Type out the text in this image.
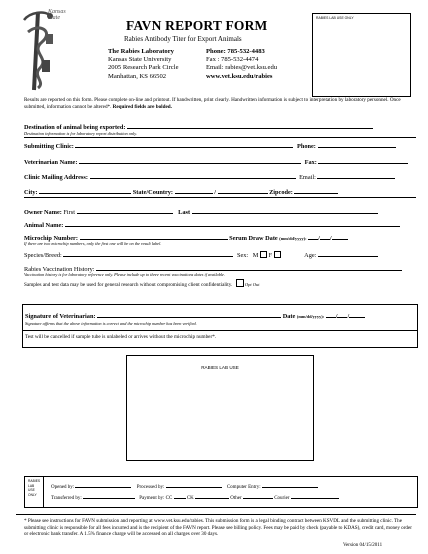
Kansas State	FAVN REPORT FORM
Rabies Antibody Titer for Export Animals
RABIES LAB USE ONLY
The Rabies Laboratory
Kansas State University
2005 Research Park Circle
Manhattan, KS 66502
Phone: 785-532-4483
Fax : 785-532-4474
Email: rabies@vet.ksu.edu
www.vet.ksu.edu/rabies
Results are reported on this form. Please complete on-line and printout. If handwritten, print clearly. Handwritten information is subject to interpretation by laboratory personnel. Once submitted, information cannot be altered*. Required fields are bolded.
Destination of animal being exported:
Destination information is for laboratory report distribution only.
Submitting Clinic:	Phone:
Veterinarian Name:	Fax:
Clinic Mailing Address:	Email:
City:	State/Country:	/	Zipcode:
Owner Name: First	Last
Animal Name:
Microchip Number:	Serum Draw Date (mm/dd/yyyy): / /
If there are two microchip numbers, only the first one will be on the result label.
Species/Breed:	Sex: M F	Age:
Rabies Vaccination History:
Vaccination history is for laboratory reference only. Please include up to three recent vaccinations dates if available.
Samples and test data may be used for general research without compromising client confidentiality.	Opt Out
Signature of Veterinarian:	Date (mm/dd/yyyy): / /
Signature affirms that the above information is correct and the microchip number has been verified.
Test will be cancelled if sample tube is unlabeled or arrives without the microchip number*.
RABIES LAB USE
RABIES
LAB
USE
ONLY
Opened by:	Processed by:	Computer Entry:
Transferred by:	Payment by: CC	CK	Other	Courier
* Please see instructions for FAVN submission and reporting at www.vet.ksu.edu/rabies. This submission form is a legal binding contract between KSVDL and the submitting clinic. The submitting clinic is responsible for all fees incurred and is the recipient of the FAVN report. Please see billing policy. Fees may be paid by check (payable to KDAS), credit card, money order or electronic bank transfer. A 1.5% finance charge will be accessed on all charges over 30 days.
Version 04/15/2011
